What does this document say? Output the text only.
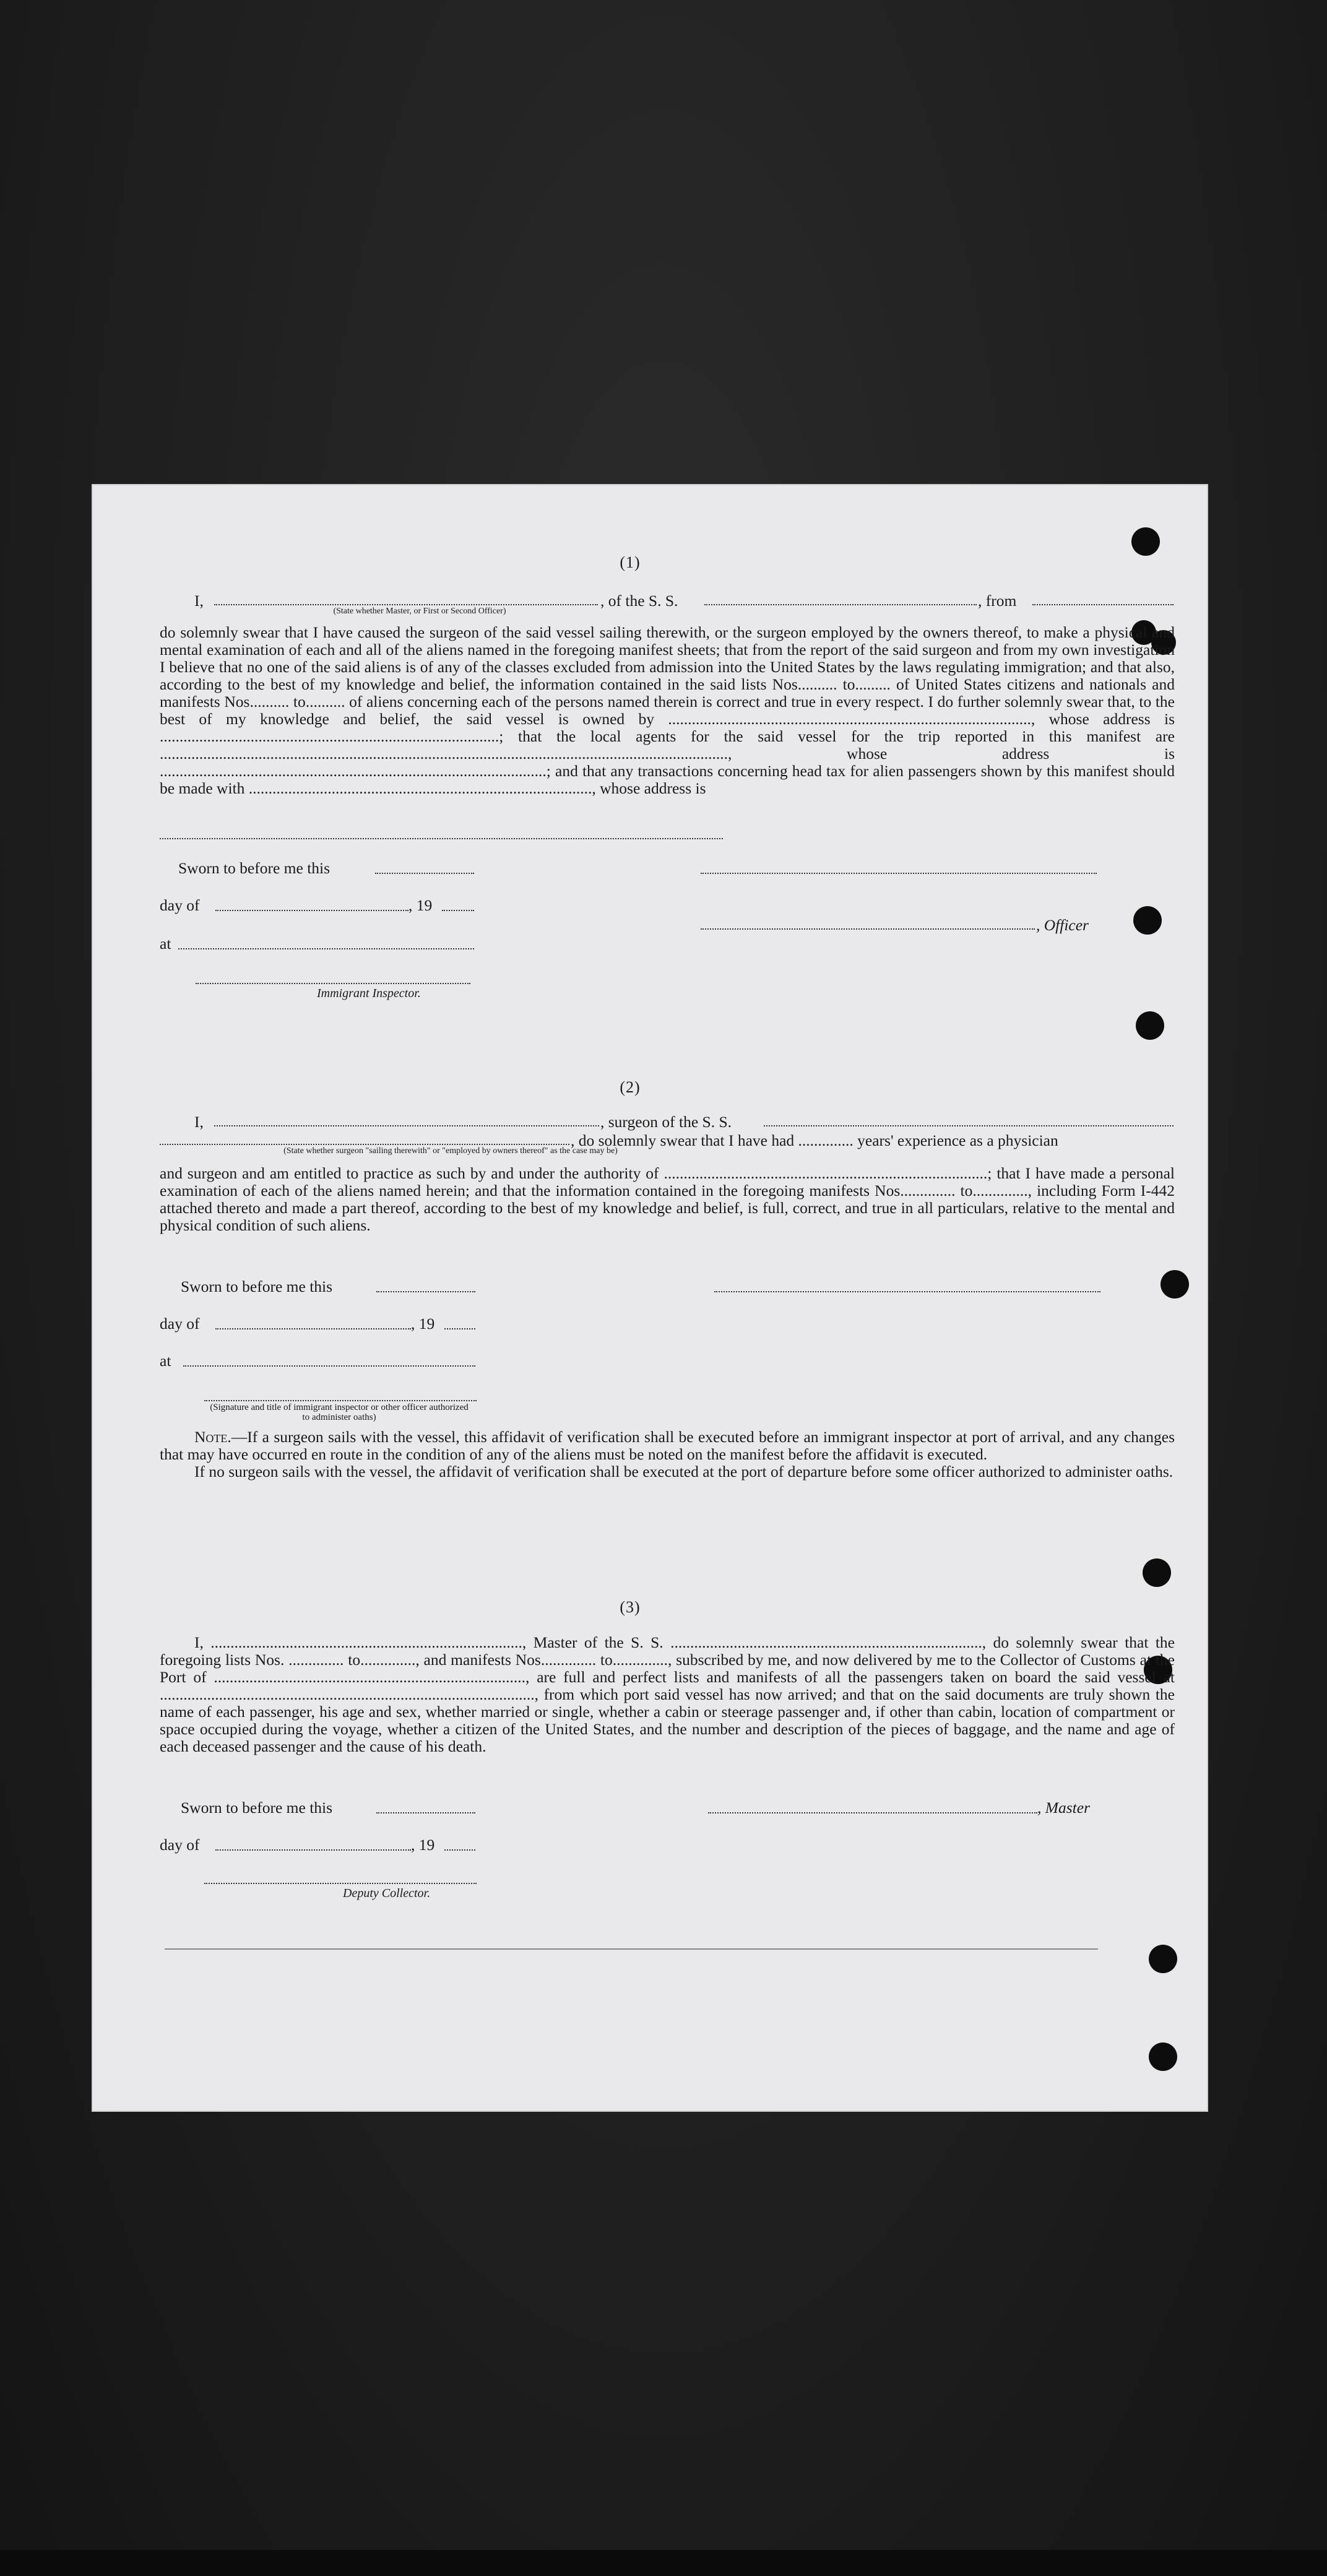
(1)
I,	, of the S. S.	, from
(State whether Master, or First or Second Officer)

do solemnly swear that I have caused the surgeon of the said vessel sailing therewith, or the surgeon employed by the owners thereof, to make a physical and mental examination of each and all of the aliens named in the foregoing manifest sheets; that from the report of the said surgeon and from my own investigation I believe that no one of the said aliens is of any of the classes excluded from admission into the United States by the laws regulating immigration; and that also, according to the best of my knowledge and belief, the information contained in the said lists Nos.......... to......... of United States citizens and nationals and manifests Nos.......... to.......... of aliens concerning each of the persons named therein is correct and true in every respect. I do further solemnly swear that, to the best of my knowledge and belief, the said vessel is owned by ............................................................................................, whose address is ......................................................................................; that the local agents for the said vessel for the trip reported in this manifest are ................................................................................................................................................, whose address is ..................................................................................................; and that any transactions concerning head tax for alien passengers shown by this manifest should be made with ......................................................................................., whose address is

Sworn to before me this
day of	, 19
, Officer
at
Immigrant Inspector.
(2)
I,	, surgeon of the S. S.
, do solemnly swear that I have had .............. years' experience as a physician
(State whether surgeon "sailing therewith" or "employed by owners thereof" as the case may be)

and surgeon and am entitled to practice as such by and under the authority of ..................................................................................; that I have made a personal examination of each of the aliens named herein; and that the information contained in the foregoing manifests Nos.............. to.............., including Form I-442 attached thereto and made a part thereof, according to the best of my knowledge and belief, is full, correct, and true in all particulars, relative to the mental and physical condition of such aliens.

Sworn to before me this
day of	, 19
at
(Signature and title of immigrant inspector or other officer authorized to administer oaths)

Note.—If a surgeon sails with the vessel, this affidavit of verification shall be executed before an immigrant inspector at port of arrival, and any changes that may have occurred en route in the condition of any of the aliens must be noted on the manifest before the affidavit is executed.

If no surgeon sails with the vessel, the affidavit of verification shall be executed at the port of departure before some officer authorized to administer oaths.

(3)

I, ..............................................................................., Master of the S. S. ..............................................................................., do solemnly swear that the foregoing lists Nos. .............. to.............., and manifests Nos.............. to.............., subscribed by me, and now delivered by me to the Collector of Customs at the Port of ..............................................................................., are full and perfect lists and manifests of all the passengers taken on board the said vessel at ..............................................................................................., from which port said vessel has now arrived; and that on the said documents are truly shown the name of each passenger, his age and sex, whether married or single, whether a cabin or steerage passenger and, if other than cabin, location of compartment or space occupied during the voyage, whether a citizen of the United States, and the number and description of the pieces of baggage, and the name and age of each deceased passenger and the cause of his death.

Sworn to before me this	, Master
day of	, 19
Deputy Collector.
